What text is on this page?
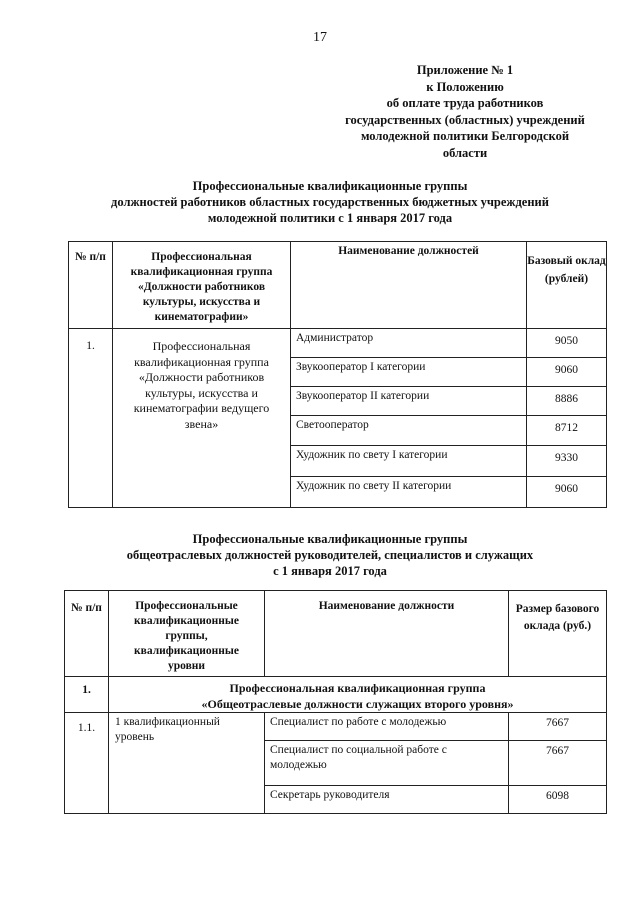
17
Приложение № 1
к Положению
об оплате труда работников
государственных (областных) учреждений
молодежной политики Белгородской
области
Профессиональные квалификационные группы
должностей работников областных государственных бюджетных учреждений
молодежной политики с 1 января 2017 года
№ п/п	Профессиональная квалификационная группа «Должности работников культуры, искусства и кинематографии»	Наименование должностей	Базовый оклад (рублей)
1.	Профессиональная квалификационная группа «Должности работников культуры, искусства и кинематографии ведущего звена»	Администратор	9050
		Звукооператор I категории	9060
		Звукооператор II категории	8886
		Светооператор	8712
		Художник по свету I категории	9330
		Художник по свету II категории	9060
Профессиональные квалификационные группы
общеотраслевых должностей руководителей, специалистов и служащих
с 1 января 2017 года
№ п/п	Профессиональные квалификационные группы, квалификационные уровни	Наименование должности	Размер базового оклада (руб.)
1.	Профессиональная квалификационная группа
«Общеотраслевые должности служащих второго уровня»		

1.1.	1 квалификационный уровень	Специалист по работе с молодежью	7667
		Специалист по социальной работе с молодежью	7667
		Секретарь руководителя	6098
